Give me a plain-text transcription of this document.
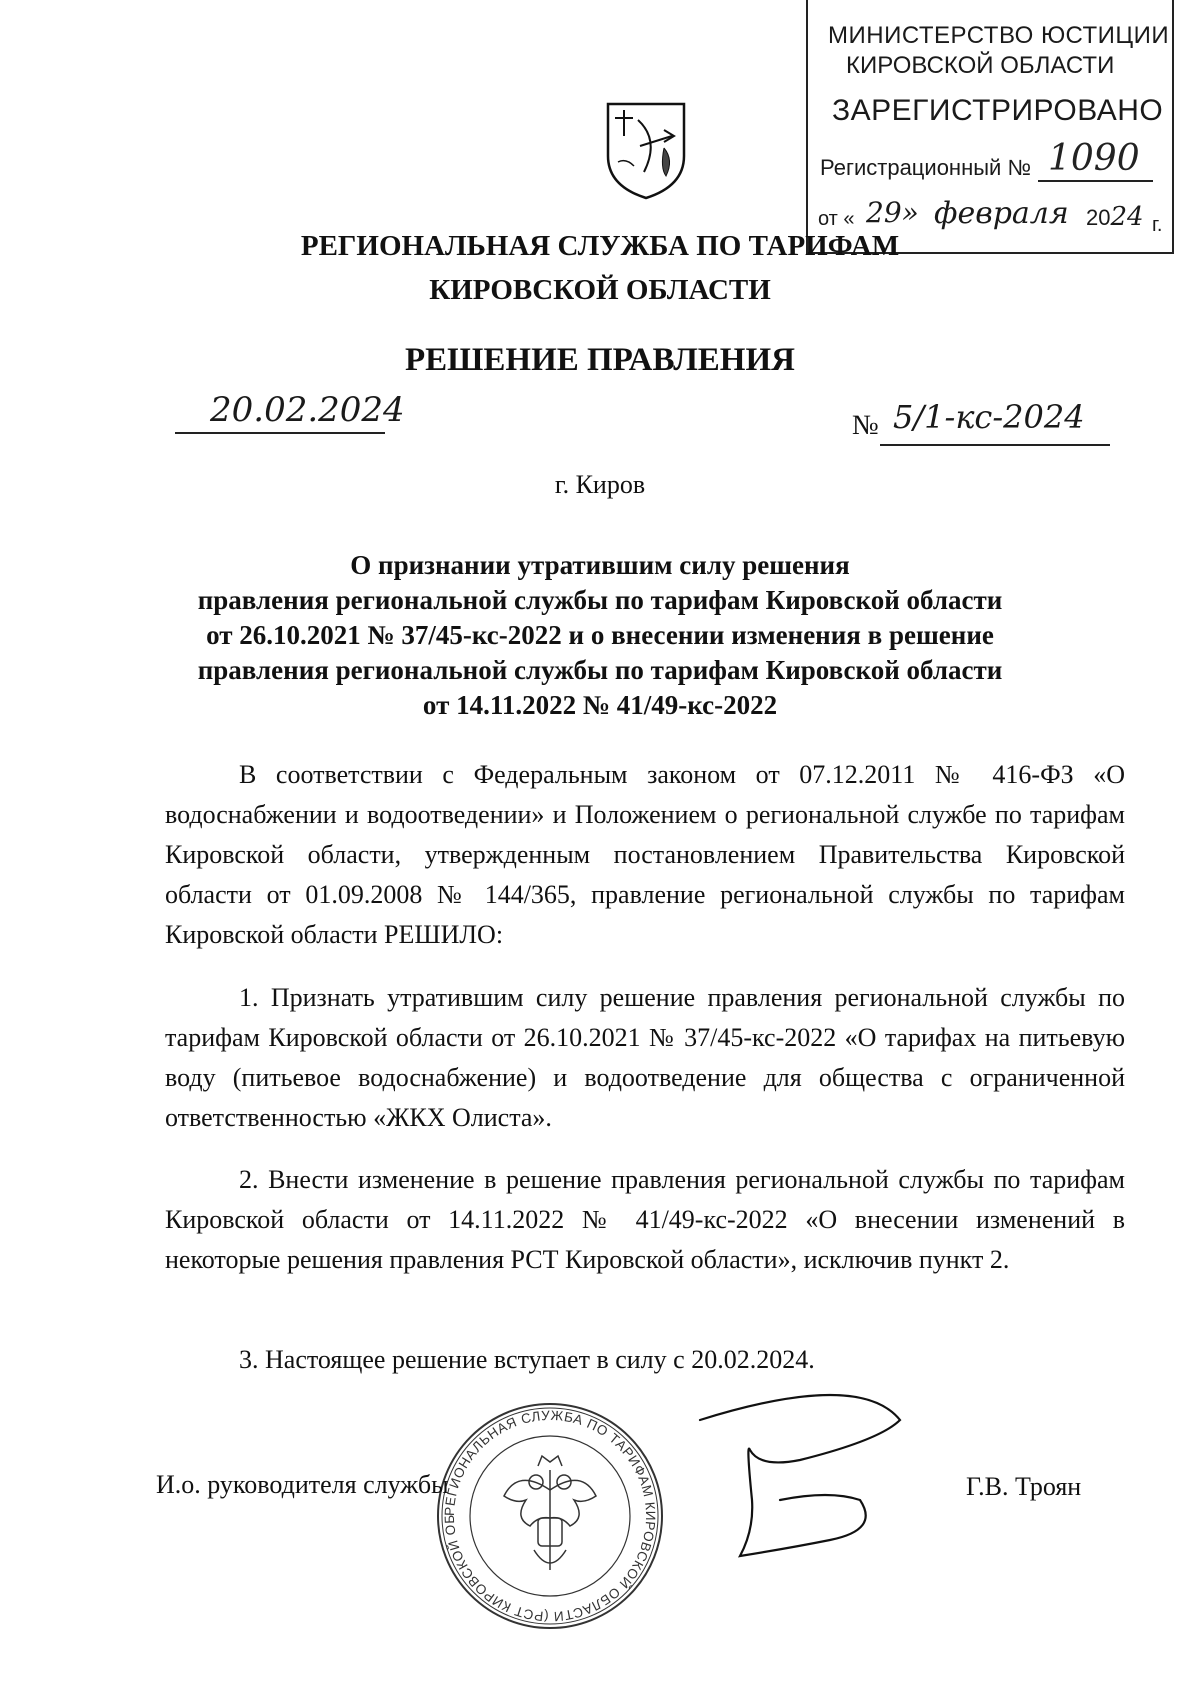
МИНИСТЕРСТВО ЮСТИЦИИ
КИРОВСКОЙ ОБЛАСТИ
ЗАРЕГИСТРИРОВАНО
Регистрационный № 1090
от « 29» февраля 2024 г.
РЕГИОНАЛЬНАЯ СЛУЖБА ПО ТАРИФАМ
КИРОВСКОЙ ОБЛАСТИ
РЕШЕНИЕ ПРАВЛЕНИЯ
20.02.2024	№ 5/1-кс-2024
г. Киров
О признании утратившим силу решения
правления региональной службы по тарифам Кировской области
от 26.10.2021 № 37/45-кс-2022 и о внесении изменения в решение
правления региональной службы по тарифам Кировской области
от 14.11.2022 № 41/49-кс-2022
В соответствии с Федеральным законом от 07.12.2011 № 416-ФЗ «О водоснабжении и водоотведении» и Положением о региональной службе по тарифам Кировской области, утвержденным постановлением Правительства Кировской области от 01.09.2008 № 144/365, правление региональной службы по тарифам Кировской области РЕШИЛО:
1. Признать утратившим силу решение правления региональной службы по тарифам Кировской области от 26.10.2021 № 37/45-кс-2022 «О тарифах на питьевую воду (питьевое водоснабжение) и водоотведение для общества с ограниченной ответственностью «ЖКХ Олиста».
2. Внести изменение в решение правления региональной службы по тарифам Кировской области от 14.11.2022 № 41/49-кс-2022 «О внесении изменений в некоторые решения правления РСТ Кировской области», исключив пункт 2.
3. Настоящее решение вступает в силу с 20.02.2024.
РЕГИОНАЛЬНАЯ СЛУЖБА ПО ТАРИФАМ КИРОВСКОЙ ОБЛАСТИ (РСТ КИРОВСКОЙ ОБ
И.о. руководителя службы	Г.В. Троян
